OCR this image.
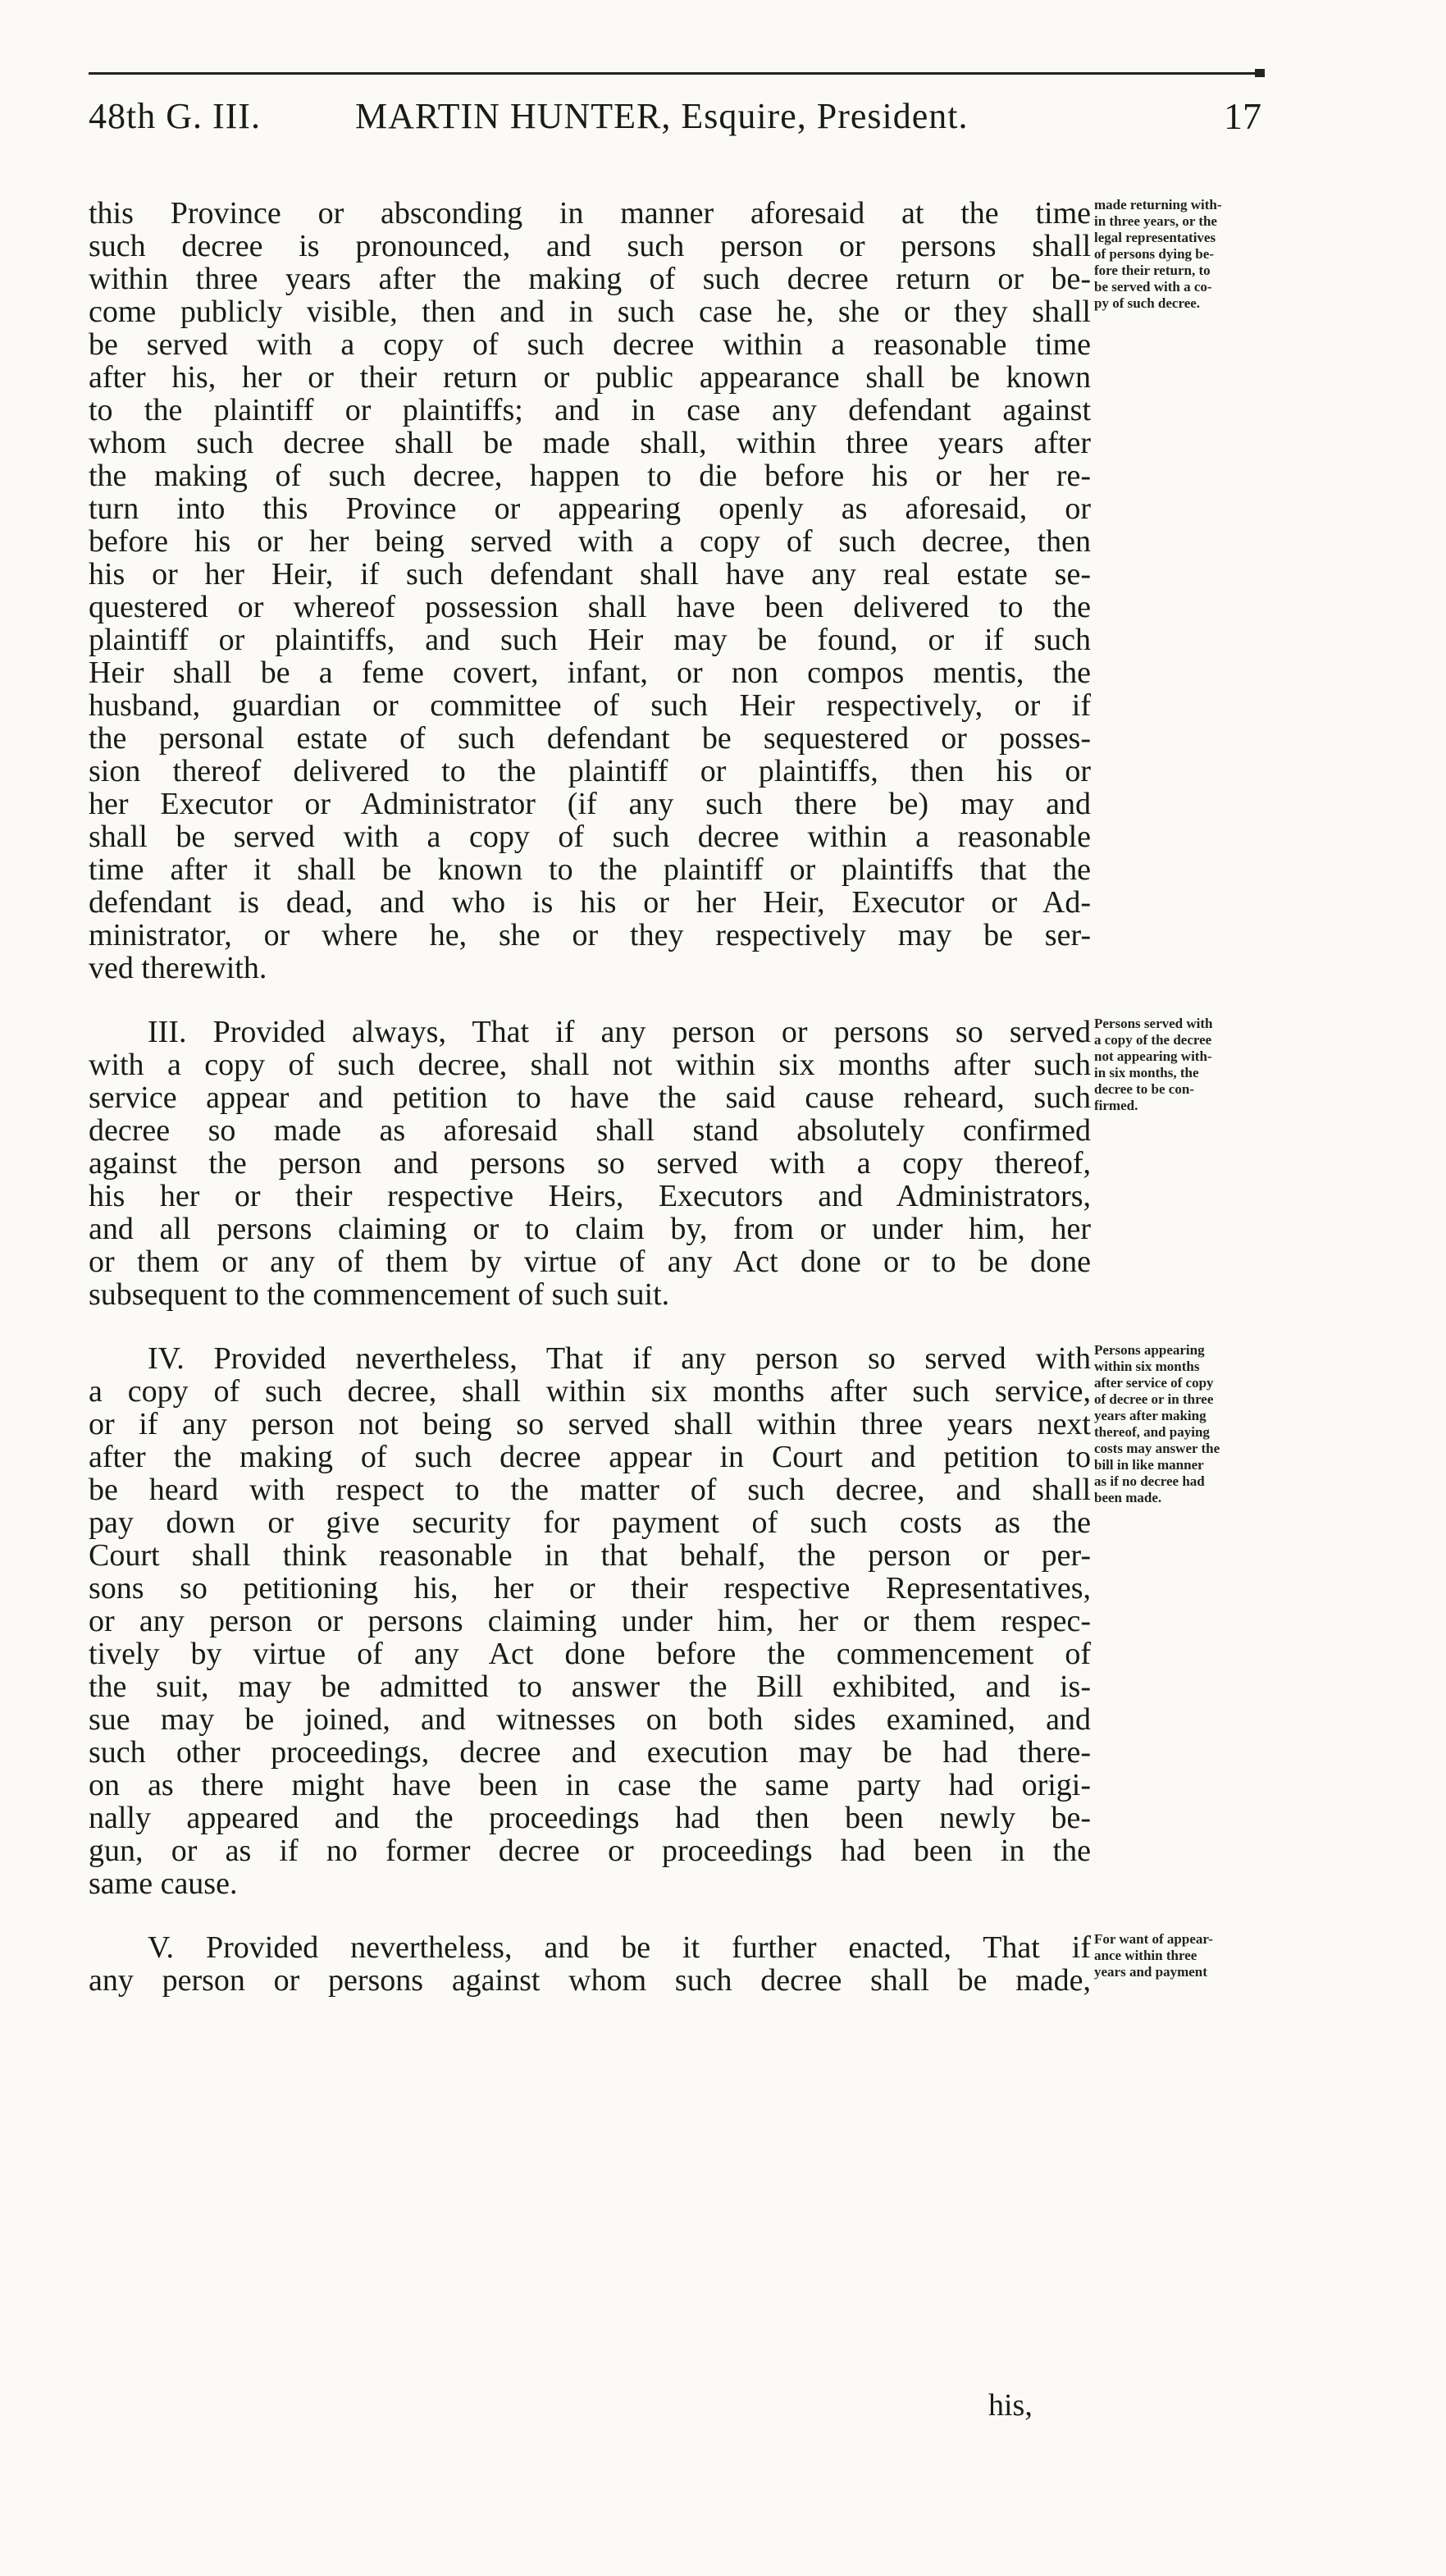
48th G. III.	MARTIN HUNTER, Esquire, President.	17
this Province or absconding in manner aforesaid at the time
such decree is pronounced, and such person or persons shall
within three years after the making of such decree return or be-
come publicly visible, then and in such case he, she or they shall
be served with a copy of such decree within a reasonable time
after his, her or their return or public appearance shall be known
to the plaintiff or plaintiffs; and in case any defendant against
whom such decree shall be made shall, within three years after
the making of such decree, happen to die before his or her re-
turn into this Province or appearing openly as aforesaid, or
before his or her being served with a copy of such decree, then
his or her Heir, if such defendant shall have any real estate se-
questered or whereof possession shall have been delivered to the
plaintiff or plaintiffs, and such Heir may be found, or if such
Heir shall be a feme covert, infant, or non compos mentis, the
husband, guardian or committee of such Heir respectively, or if
the personal estate of such defendant be sequestered or posses-
sion thereof delivered to the plaintiff or plaintiffs, then his or
her Executor or Administrator (if any such there be) may and
shall be served with a copy of such decree within a reasonable
time after it shall be known to the plaintiff or plaintiffs that the
defendant is dead, and who is his or her Heir, Executor or Ad-
ministrator, or where he, she or they respectively may be ser-
ved therewith.
made returning with-
in three years, or the
legal representatives
of persons dying be-
fore their return, to
be served with a co-
py of such decree.
III. Provided always, That if any person or persons so served
with a copy of such decree, shall not within six months after such
service appear and petition to have the said cause reheard, such
decree so made as aforesaid shall stand absolutely confirmed
against the person and persons so served with a copy thereof,
his her or their respective Heirs, Executors and Administrators,
and all persons claiming or to claim by, from or under him, her
or them or any of them by virtue of any Act done or to be done
subsequent to the commencement of such suit.
Persons served with
a copy of the decree
not appearing with-
in six months, the
decree to be con-
firmed.
IV. Provided nevertheless, That if any person so served with
a copy of such decree, shall within six months after such service,
or if any person not being so served shall within three years next
after the making of such decree appear in Court and petition to
be heard with respect to the matter of such decree, and shall
pay down or give security for payment of such costs as the
Court shall think reasonable in that behalf, the person or per-
sons so petitioning his, her or their respective Representatives,
or any person or persons claiming under him, her or them respec-
tively by virtue of any Act done before the commencement of
the suit, may be admitted to answer the Bill exhibited, and is-
sue may be joined, and witnesses on both sides examined, and
such other proceedings, decree and execution may be had there-
on as there might have been in case the same party had origi-
nally appeared and the proceedings had then been newly be-
gun, or as if no former decree or proceedings had been in the
same cause.
Persons appearing
within six months
after service of copy
of decree or in three
years after making
thereof, and paying
costs may answer the
bill in like manner
as if no decree had
been made.
V. Provided nevertheless, and be it further enacted, That if
any person or persons against whom such decree shall be made,
For want of appear-
ance within three
years and payment
his,
